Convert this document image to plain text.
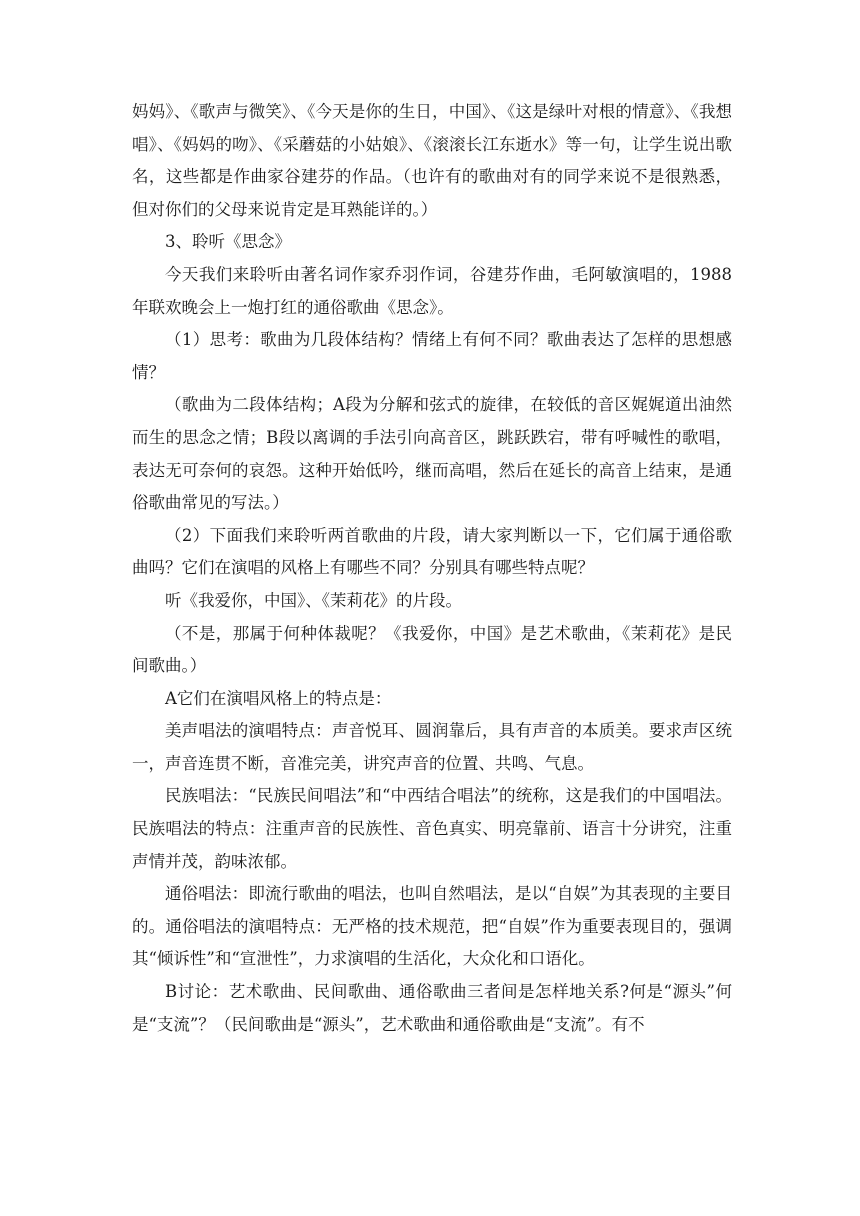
妈妈》、《歌声与微笑》、《今天是你的生日，中国》、《这是绿叶对根的情意》、《我想唱》、《妈妈的吻》、《采蘑菇的小姑娘》、《滚滚长江东逝水》等一句，让学生说出歌名，这些都是作曲家谷建芬的作品。（也许有的歌曲对有的同学来说不是很熟悉，但对你们的父母来说肯定是耳熟能详的。）

3、聆听《思念》

今天我们来聆听由著名词作家乔羽作词，谷建芬作曲，毛阿敏演唱的，1988年联欢晚会上一炮打红的通俗歌曲《思念》。

（1）思考：歌曲为几段体结构？情绪上有何不同？歌曲表达了怎样的思想感情？

（歌曲为二段体结构；A段为分解和弦式的旋律，在较低的音区娓娓道出油然而生的思念之情；B段以离调的手法引向高音区，跳跃跌宕，带有呼喊性的歌唱，表达无可奈何的哀怨。这种开始低吟，继而高唱，然后在延长的高音上结束，是通俗歌曲常见的写法。）

（2）下面我们来聆听两首歌曲的片段，请大家判断以一下，它们属于通俗歌曲吗？它们在演唱的风格上有哪些不同？分别具有哪些特点呢？

听《我爱你，中国》、《茉莉花》的片段。

（不是，那属于何种体裁呢？《我爱你，中国》是艺术歌曲，《茉莉花》是民间歌曲。）

A它们在演唱风格上的特点是：

美声唱法的演唱特点：声音悦耳、圆润靠后，具有声音的本质美。要求声区统一，声音连贯不断，音准完美，讲究声音的位置、共鸣、气息。

民族唱法：“民族民间唱法”和“中西结合唱法”的统称，这是我们的中国唱法。民族唱法的特点：注重声音的民族性、音色真实、明亮靠前、语言十分讲究，注重声情并茂，韵味浓郁。

通俗唱法：即流行歌曲的唱法，也叫自然唱法，是以“自娱”为其表现的主要目的。通俗唱法的演唱特点：无严格的技术规范，把“自娱”作为重要表现目的，强调其“倾诉性”和“宣泄性”，力求演唱的生活化，大众化和口语化。

B讨论：艺术歌曲、民间歌曲、通俗歌曲三者间是怎样地关系?何是“源头”何是“支流”？（民间歌曲是“源头”，艺术歌曲和通俗歌曲是“支流”。有不
